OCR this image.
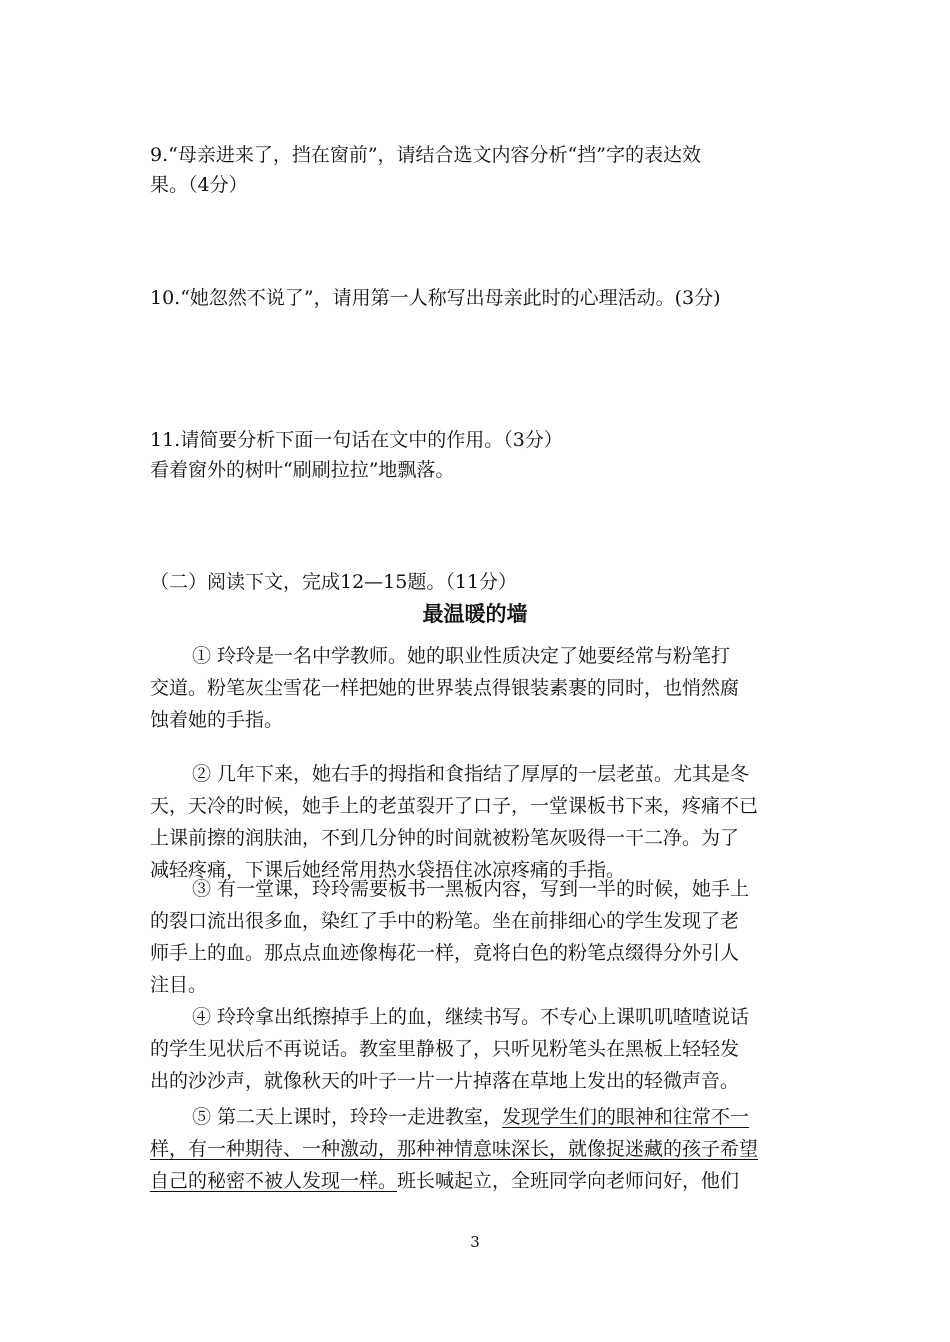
9.“母亲进来了，挡在窗前”，请结合选文内容分析“挡”字的表达效
果。（4分）
10.“她忽然不说了”，请用第一人称写出母亲此时的心理活动。(3分)
11.请简要分析下面一句话在文中的作用。（3分）
看着窗外的树叶“刷刷拉拉”地飘落。
（二）阅读下文，完成12—15题。（11分）
最温暖的墙
① 玲玲是一名中学教师。她的职业性质决定了她要经常与粉笔打
交道。粉笔灰尘雪花一样把她的世界装点得银装素裹的同时，也悄然腐
蚀着她的手指。
② 几年下来，她右手的拇指和食指结了厚厚的一层老茧。尤其是冬
天，天冷的时候，她手上的老茧裂开了口子，一堂课板书下来，疼痛不已
上课前擦的润肤油，不到几分钟的时间就被粉笔灰吸得一干二净。为了
减轻疼痛，下课后她经常用热水袋捂住冰凉疼痛的手指。
③ 有一堂课，玲玲需要板书一黑板内容，写到一半的时候，她手上
的裂口流出很多血，染红了手中的粉笔。坐在前排细心的学生发现了老
师手上的血。那点点血迹像梅花一样，竟将白色的粉笔点缀得分外引人
注目。
④ 玲玲拿出纸擦掉手上的血，继续书写。不专心上课叽叽喳喳说话
的学生见状后不再说话。教室里静极了，只听见粉笔头在黑板上轻轻发
出的沙沙声，就像秋天的叶子一片一片掉落在草地上发出的轻微声音。
⑤ 第二天上课时，玲玲一走进教室，发现学生们的眼神和往常不一
样，有一种期待、一种激动，那种神情意味深长，就像捉迷藏的孩子希望
自己的秘密不被人发现一样。班长喊起立，全班同学向老师问好，他们
3
